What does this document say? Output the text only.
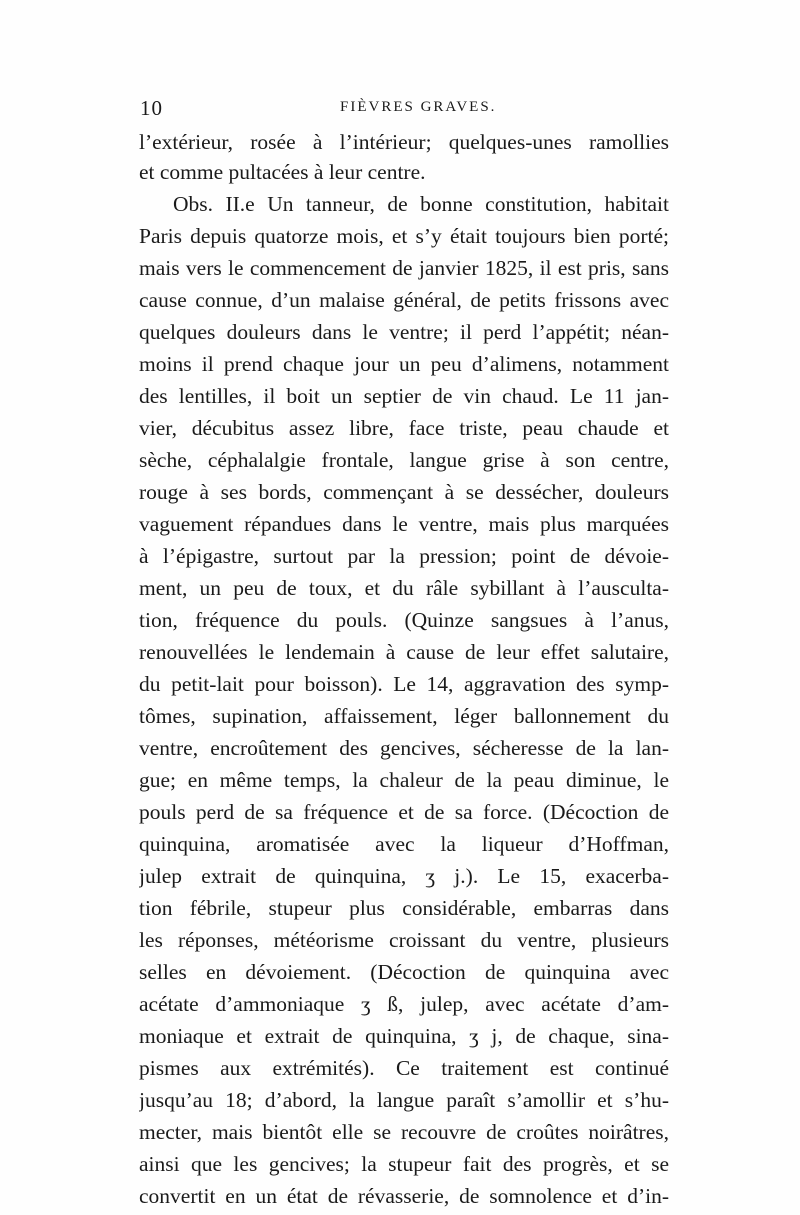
10	FIÈVRES GRAVES.
l’extérieur, rosée à l’intérieur; quelques-unes ramollies
et comme pultacées à leur centre.
Obs. II.e Un tanneur, de bonne constitution, habitait
Paris depuis quatorze mois, et s’y était toujours bien porté;
mais vers le commencement de janvier 1825, il est pris, sans
cause connue, d’un malaise général, de petits frissons avec
quelques douleurs dans le ventre; il perd l’appétit; néan-
moins il prend chaque jour un peu d’alimens, notamment
des lentilles, il boit un septier de vin chaud. Le 11 jan-
vier, décubitus assez libre, face triste, peau chaude et
sèche, céphalalgie frontale, langue grise à son centre,
rouge à ses bords, commençant à se dessécher, douleurs
vaguement répandues dans le ventre, mais plus marquées
à l’épigastre, surtout par la pression; point de dévoie-
ment, un peu de toux, et du râle sybillant à l’ausculta-
tion, fréquence du pouls. (Quinze sangsues à l’anus,
renouvellées le lendemain à cause de leur effet salutaire,
du petit-lait pour boisson). Le 14, aggravation des symp-
tômes, supination, affaissement, léger ballonnement du
ventre, encroûtement des gencives, sécheresse de la lan-
gue; en même temps, la chaleur de la peau diminue, le
pouls perd de sa fréquence et de sa force. (Décoction de
quinquina, aromatisée avec la liqueur d’Hoffman,
julep extrait de quinquina, ʒ j.). Le 15, exacerba-
tion fébrile, stupeur plus considérable, embarras dans
les réponses, météorisme croissant du ventre, plusieurs
selles en dévoiement. (Décoction de quinquina avec
acétate d’ammoniaque ʒ ß, julep, avec acétate d’am-
moniaque et extrait de quinquina, ʒ j, de chaque, sina-
pismes aux extrémités). Ce traitement est continué
jusqu’au 18; d’abord, la langue paraît s’amollir et s’hu-
mecter, mais bientôt elle se recouvre de croûtes noirâtres,
ainsi que les gencives; la stupeur fait des progrès, et se
convertit en un état de révasserie, de somnolence et d’in-
